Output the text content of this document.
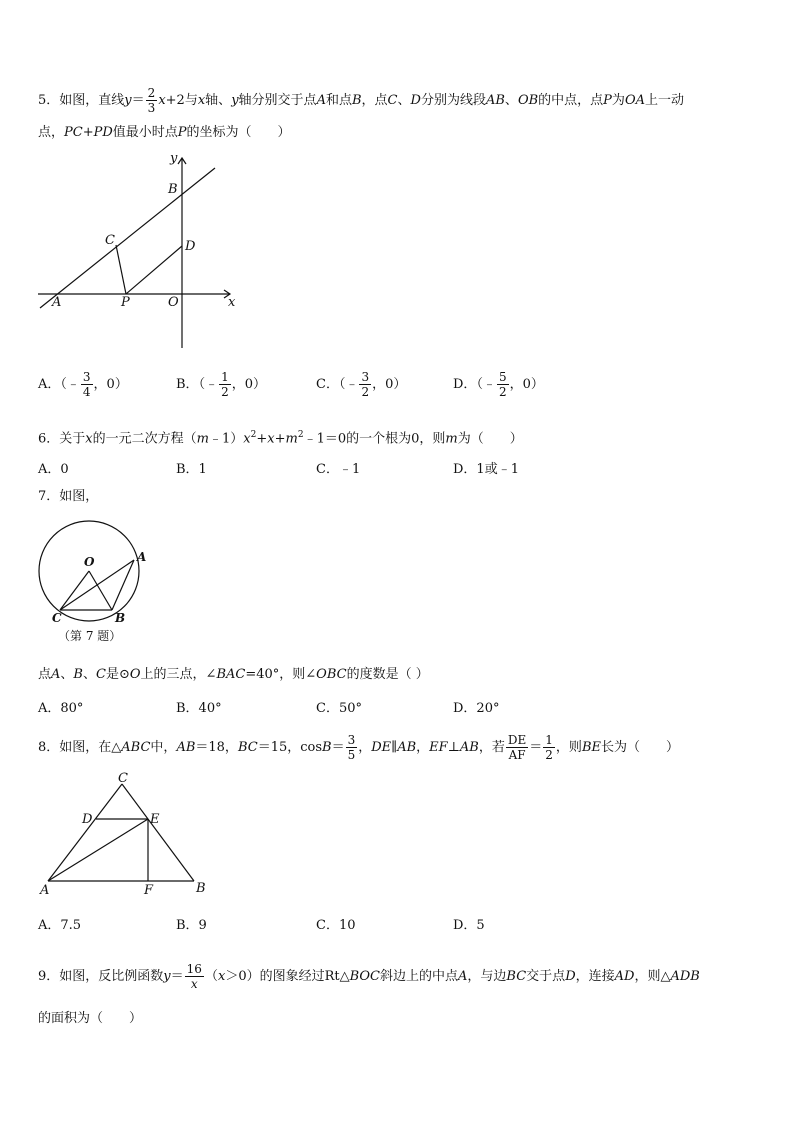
5．如图，直线$y= \frac{2}{3} x+2$与x轴、y轴分别交于点A和点B，点C、D分别为线段AB、OB的中点，点P为OA上一动
点，PC+PD值最小时点P的坐标为（　　）
y
B
C	D
A	P	O	x
A．（﹣ $\frac{3}{4}$ ，0）	B．（﹣ $\frac{1}{2}$ ，0）	C．（﹣ $\frac{3}{2}$ ，0）	D．（﹣ $\frac{5}{2}$ ，0）
6．关于x的一元二次方程$(m﹣1)x^2+x+m^2﹣1=0$的一个根为0，则m为（　　）
A．0	B．1	C．﹣1	D．1或﹣1
7．如图，
O	A
C	B
（第 7 题）
点A、B、C是⊙O上的三点，∠BAC=40°，则∠OBC的度数是（ ）
A．80°	B．40°	C．50°	D．20°
8．如图，在△ABC中，AB＝18，BC＝15，$\cos B= \frac{3}{5}$ ，DE∥AB，EF⊥AB，若 $\frac{DE}{AF} = \frac{1}{2}$ ，则BE长为（　　）
C
D	E
A	F	B
A．7.5	B．9	C．10	D．5
9．如图，反比例函数$y= \frac{16}{x} (x>0)$的图象经过Rt△BOC斜边上的中点A，与边BC交于点D，连接AD，则△ADB
的面积为（　　）
